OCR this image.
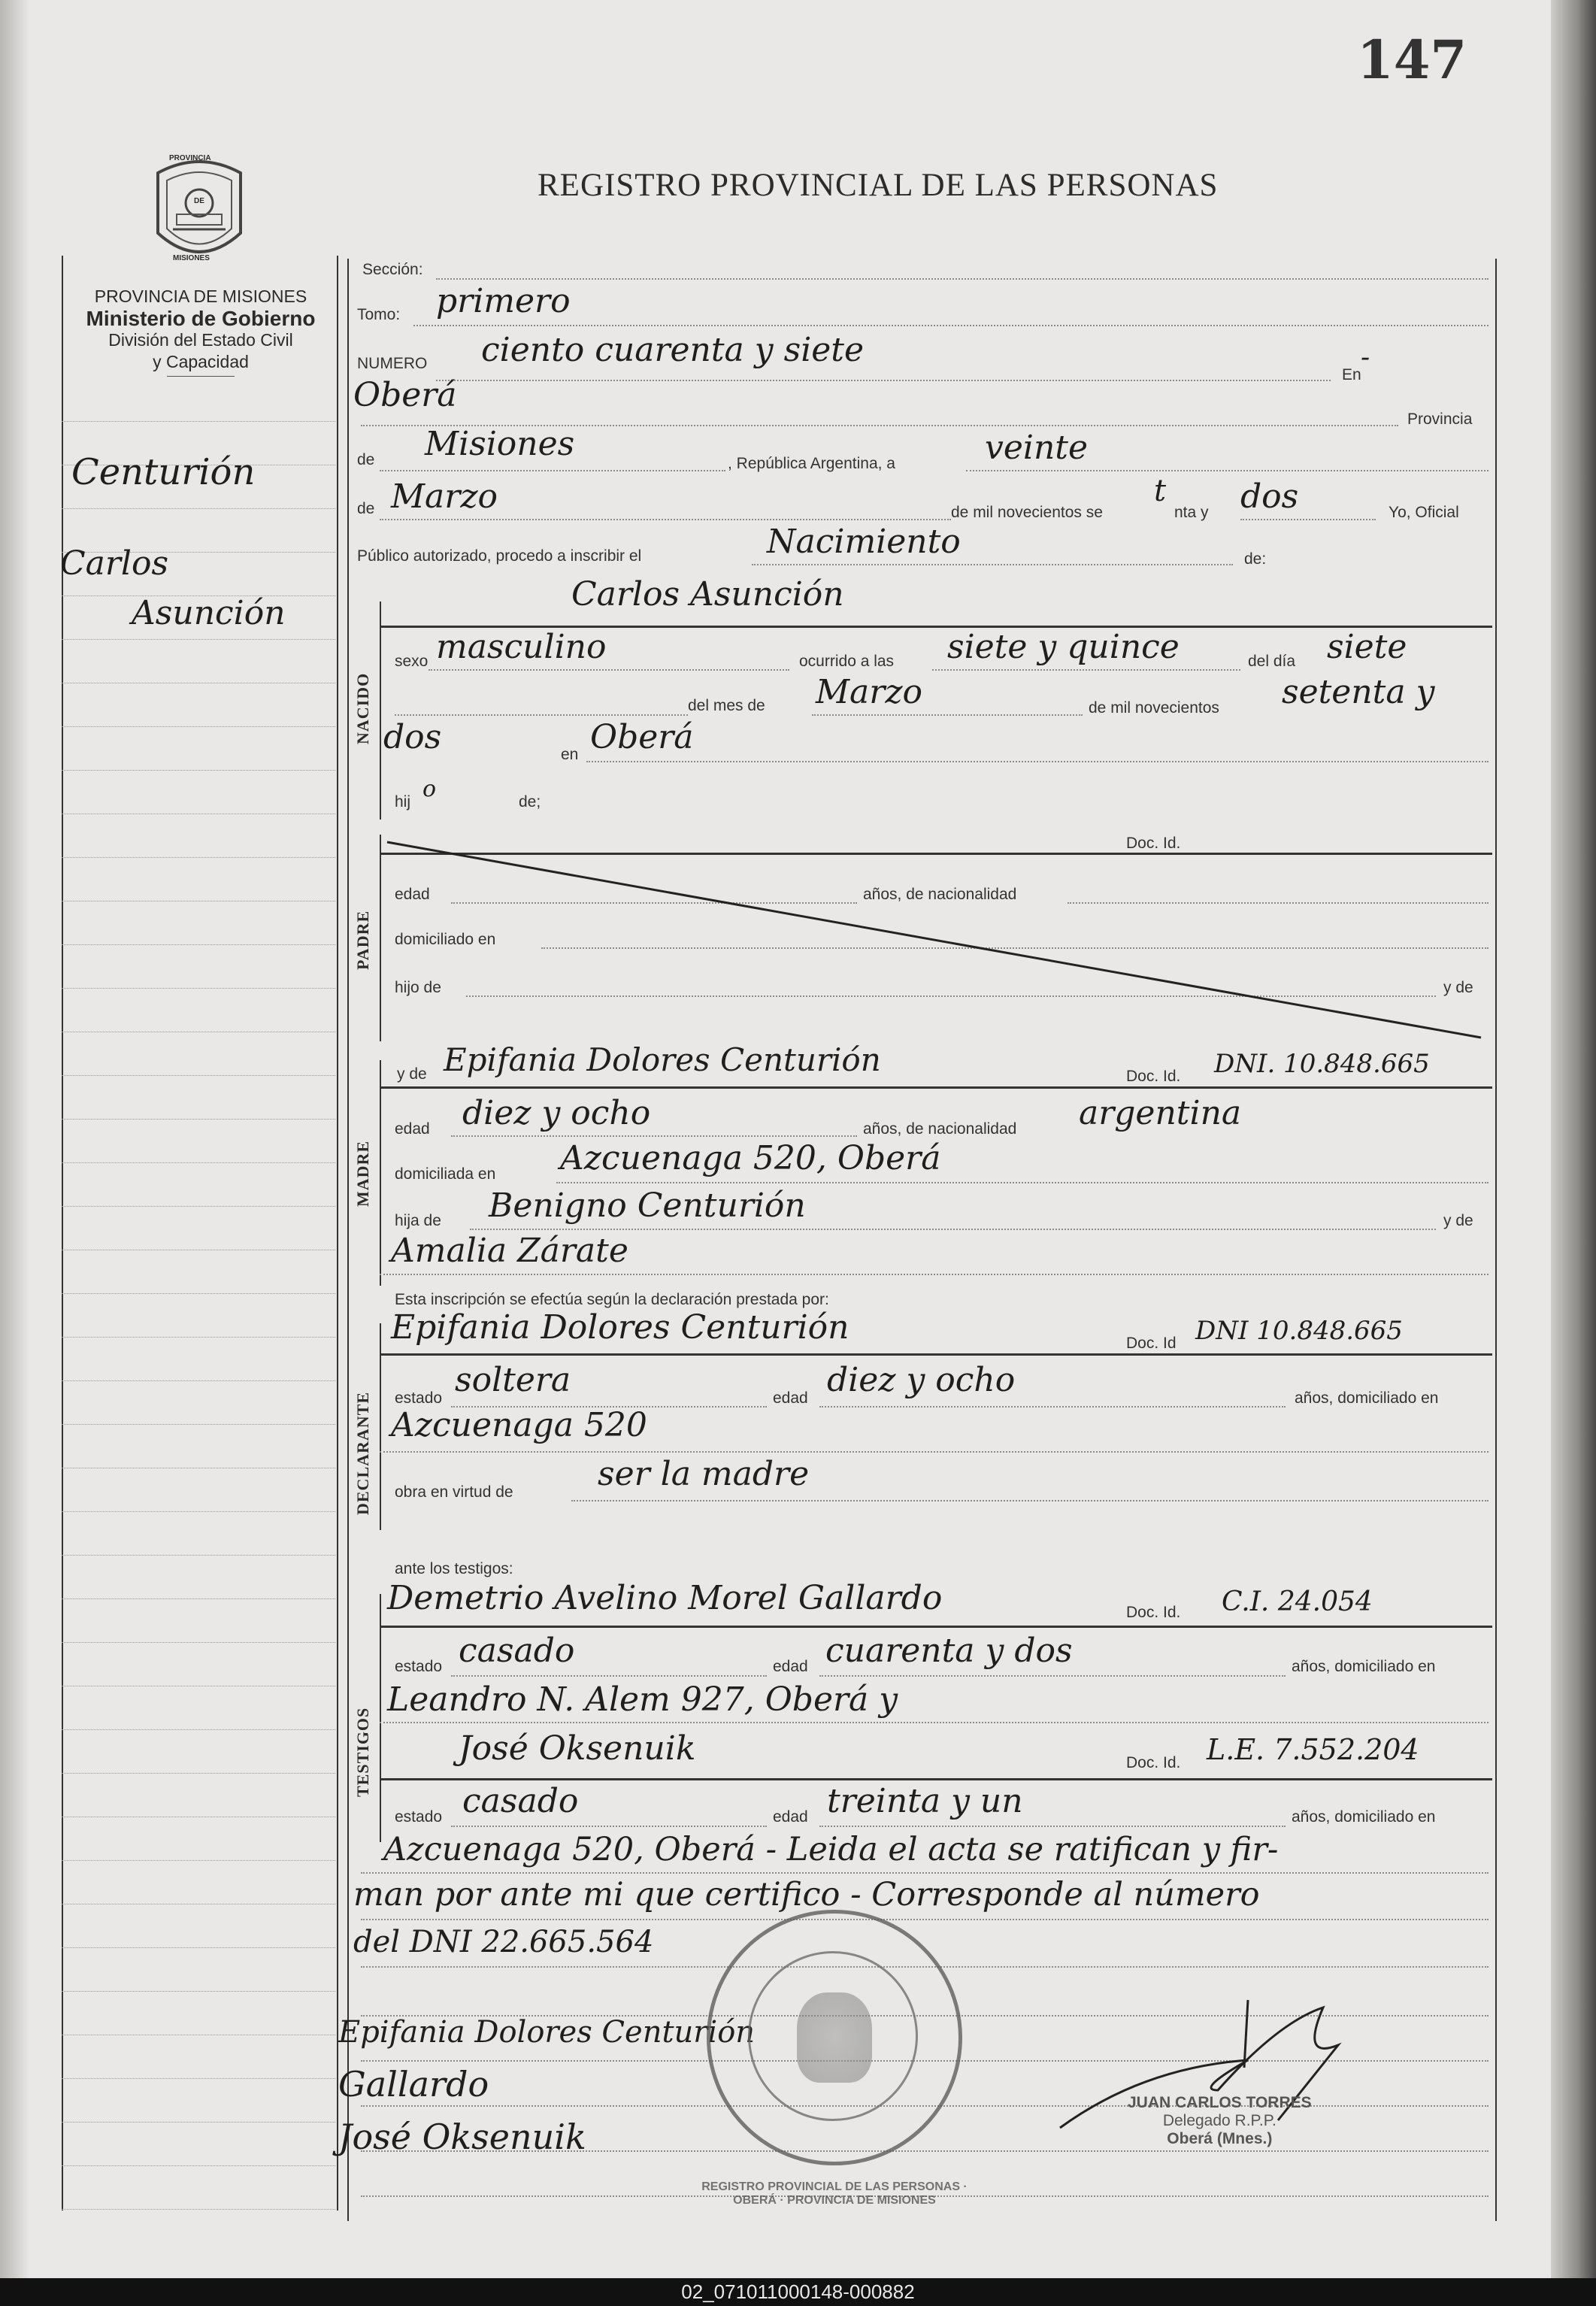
147
REGISTRO PROVINCIAL DE LAS PERSONAS
PROVINCIA
DE
MISIONES
PROVINCIA DE MISIONES
Ministerio de Gobierno
División del Estado Civil
y Capacidad
Centurión
Carlos
Asunción
Sección:
Tomo: primero
NUMERO ciento cuarenta y siete
En
-
Oberá
Provincia
de Misiones
, República Argentina, a	veinte
de Marzo	de mil novecientos se
t
nta y dos	Yo, Oficial
Público autorizado, procedo a inscribir el	Nacimiento	de:
NACIDO
Carlos Asunción
sexo masculino	ocurrido a las siete y quince	del día siete
del mes de Marzo	de mil novecientos setenta y
dos	en Oberá
hij o	de;
PADRE
Doc. Id.
edad	años, de nacionalidad
domiciliado en
hijo de	y de
MADRE
y de Epifania Dolores Centurión	Doc. Id. DNI. 10.848.665
edad diez y ocho	años, de nacionalidad argentina
domiciliada en Azcuenaga 520, Oberá
hija de Benigno Centurión	y de
Amalia Zárate
Esta inscripción se efectúa según la declaración prestada por:
DECLARANTE
Epifania Dolores Centurión	Doc. Id DNI 10.848.665
estado soltera	edad diez y ocho	años, domiciliado en
Azcuenaga 520
obra en virtud de	ser la madre
ante los testigos:
TESTIGOS
Demetrio Avelino Morel Gallardo	Doc. Id. C.I. 24.054
estado casado	edad cuarenta y dos	años, domiciliado en
Leandro N. Alem 927, Oberá y
José Oksenuik	Doc. Id. L.E. 7.552.204
estado casado	edad treinta y un	años, domiciliado en
Azcuenaga 520, Oberá - Leida el acta se ratifican y fir-
man por ante mi que certifico - Corresponde al número
del DNI 22.665.564
Epifania Dolores Centurión
Gallardo
José Oksenuik
REGISTRO PROVINCIAL DE LAS PERSONAS · OBERÁ · PROVINCIA DE MISIONES
JUAN CARLOS TORRES
Delegado R.P.P.
Oberá (Mnes.)
02_071011000148-000882
